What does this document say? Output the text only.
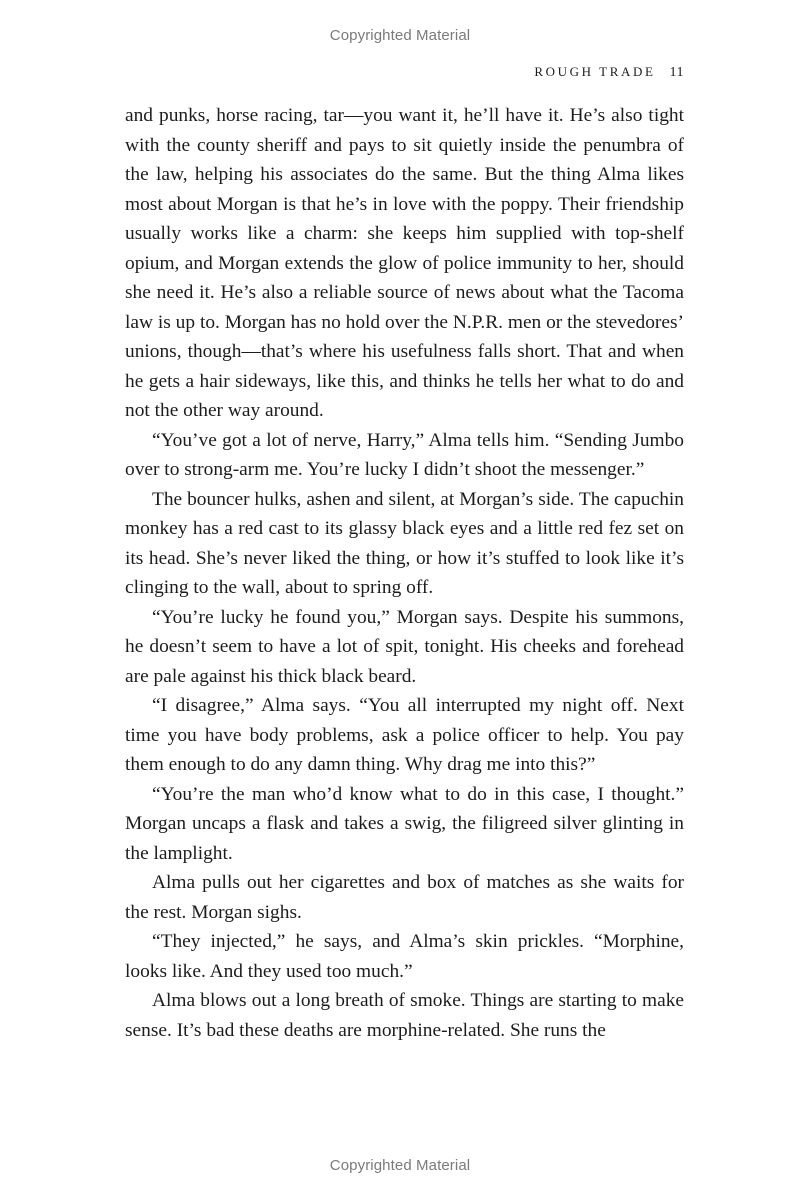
Copyrighted Material
ROUGH TRADE 11

and punks, horse racing, tar—you want it, he’ll have it. He’s also tight with the county sheriff and pays to sit quietly inside the penumbra of the law, helping his associates do the same. But the thing Alma likes most about Morgan is that he’s in love with the poppy. Their friendship usually works like a charm: she keeps him supplied with top-shelf opium, and Morgan extends the glow of police immunity to her, should she need it. He’s also a reliable source of news about what the Tacoma law is up to. Morgan has no hold over the N.P.R. men or the stevedores’ unions, though—that’s where his usefulness falls short. That and when he gets a hair sideways, like this, and thinks he tells her what to do and not the other way around.

“You’ve got a lot of nerve, Harry,” Alma tells him. “Sending Jumbo over to strong-arm me. You’re lucky I didn’t shoot the messenger.”

The bouncer hulks, ashen and silent, at Morgan’s side. The capuchin monkey has a red cast to its glassy black eyes and a little red fez set on its head. She’s never liked the thing, or how it’s stuffed to look like it’s clinging to the wall, about to spring off.

“You’re lucky he found you,” Morgan says. Despite his summons, he doesn’t seem to have a lot of spit, tonight. His cheeks and forehead are pale against his thick black beard.

“I disagree,” Alma says. “You all interrupted my night off. Next time you have body problems, ask a police officer to help. You pay them enough to do any damn thing. Why drag me into this?”

“You’re the man who’d know what to do in this case, I thought.” Morgan uncaps a flask and takes a swig, the filigreed silver glinting in the lamplight.

Alma pulls out her cigarettes and box of matches as she waits for the rest. Morgan sighs.

“They injected,” he says, and Alma’s skin prickles. “Morphine, looks like. And they used too much.”

Alma blows out a long breath of smoke. Things are starting to make sense. It’s bad these deaths are morphine-related. She runs the

Copyrighted Material
